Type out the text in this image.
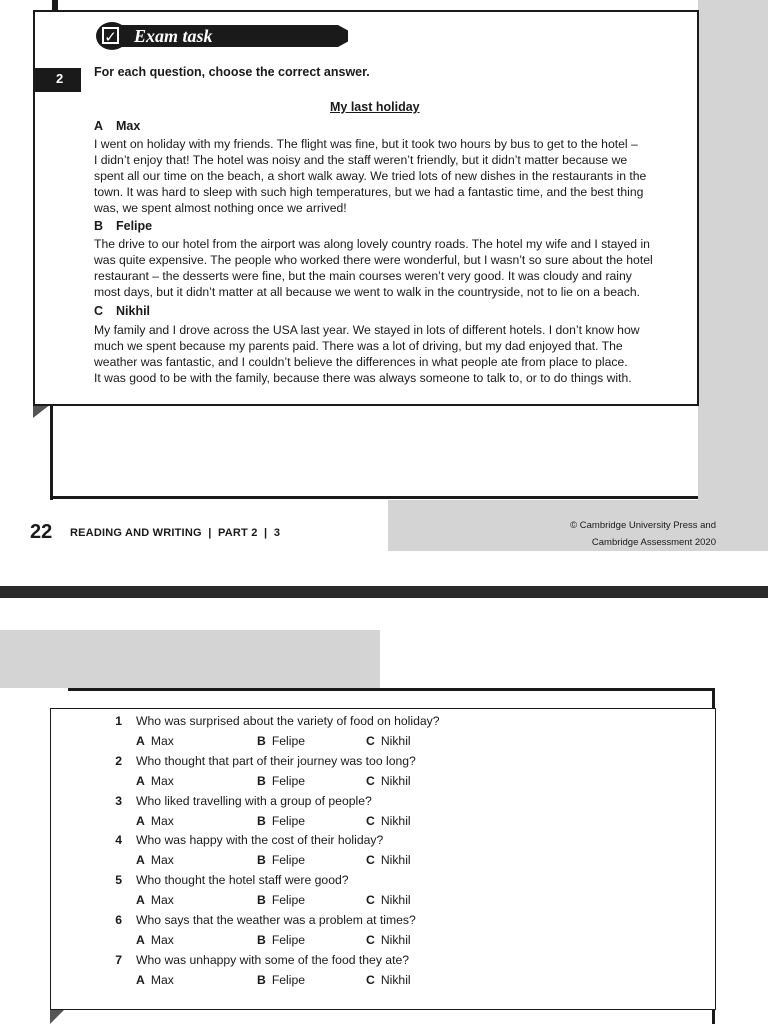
✓ Exam task
2 For each question, choose the correct answer.
My last holiday
A Max

I went on holiday with my friends. The flight was fine, but it took two hours by bus to get to the hotel –
I didn’t enjoy that! The hotel was noisy and the staff weren’t friendly, but it didn’t matter because we
spent all our time on the beach, a short walk away. We tried lots of new dishes in the restaurants in the
town. It was hard to sleep with such high temperatures, but we had a fantastic time, and the best thing
was, we spent almost nothing once we arrived!

B Felipe

The drive to our hotel from the airport was along lovely country roads. The hotel my wife and I stayed in
was quite expensive. The people who worked there were wonderful, but I wasn’t so sure about the hotel
restaurant – the desserts were fine, but the main courses weren’t very good. It was cloudy and rainy
most days, but it didn’t matter at all because we went to walk in the countryside, not to lie on a beach.

C Nikhil

My family and I drove across the USA last year. We stayed in lots of different hotels. I don’t know how
much we spent because my parents paid. There was a lot of driving, but my dad enjoyed that. The
weather was fantastic, and I couldn’t believe the differences in what people ate from place to place.
It was good to be with the family, because there was always someone to talk to, or to do things with.

22 READING AND WRITING  |  PART 2  |  3
© Cambridge University Press and
Cambridge Assessment 2020
1 Who was surprised about the variety of food on holiday?
A Max	B Felipe	C Nikhil
2 Who thought that part of their journey was too long?
A Max	B Felipe	C Nikhil
3 Who liked travelling with a group of people?
A Max	B Felipe	C Nikhil
4 Who was happy with the cost of their holiday?
A Max	B Felipe	C Nikhil
5 Who thought the hotel staff were good?
A Max	B Felipe	C Nikhil
6 Who says that the weather was a problem at times?
A Max	B Felipe	C Nikhil
7 Who was unhappy with some of the food they ate?
A Max	B Felipe	C Nikhil
